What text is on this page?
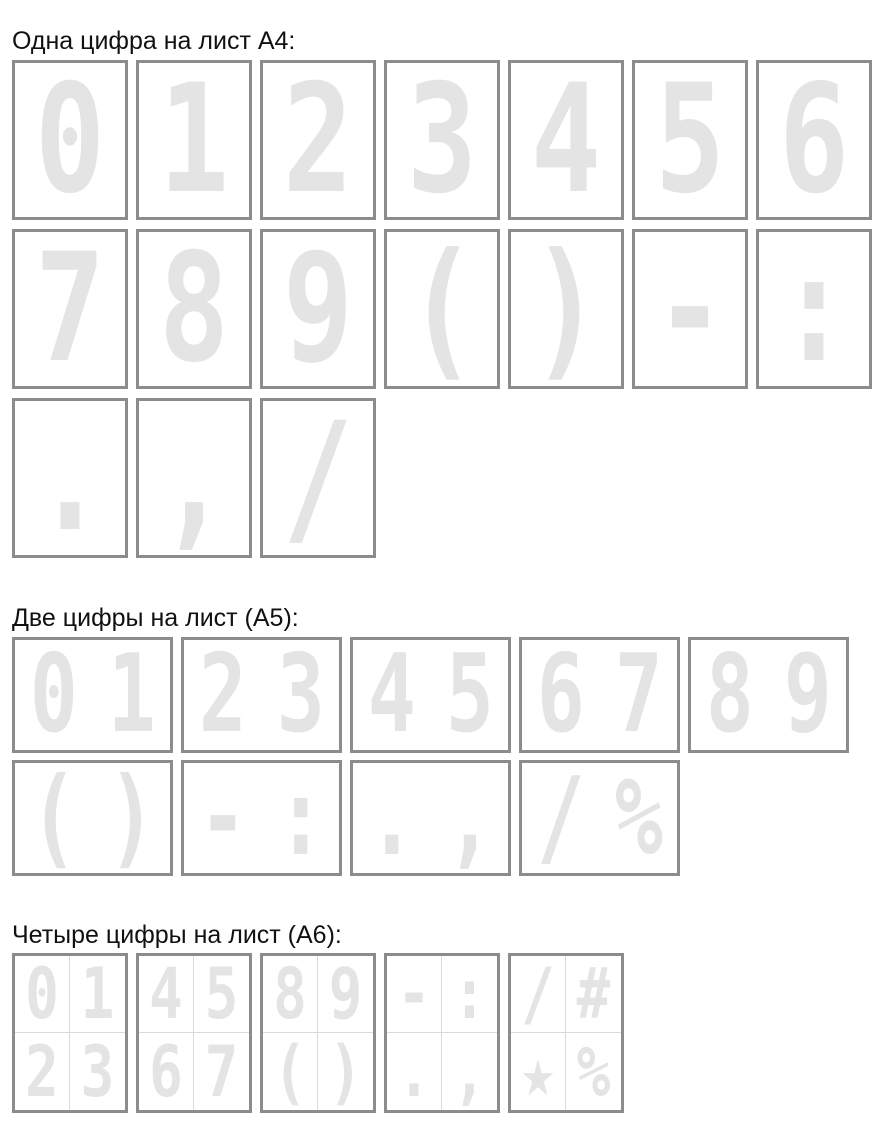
Одна цифра на лист А4:
0 1 2 3 4 5 6
7 8 9 ( ) - :
. , /
Две цифры на лист (А5):
0 1 2 3 4 5 6 7 8 9
( ) - : . , / %
Четыре цифры на лист (А6):
0 1
2 3
4 5
6 7
8 9
( )
- :
. ,
/ #
★ %
